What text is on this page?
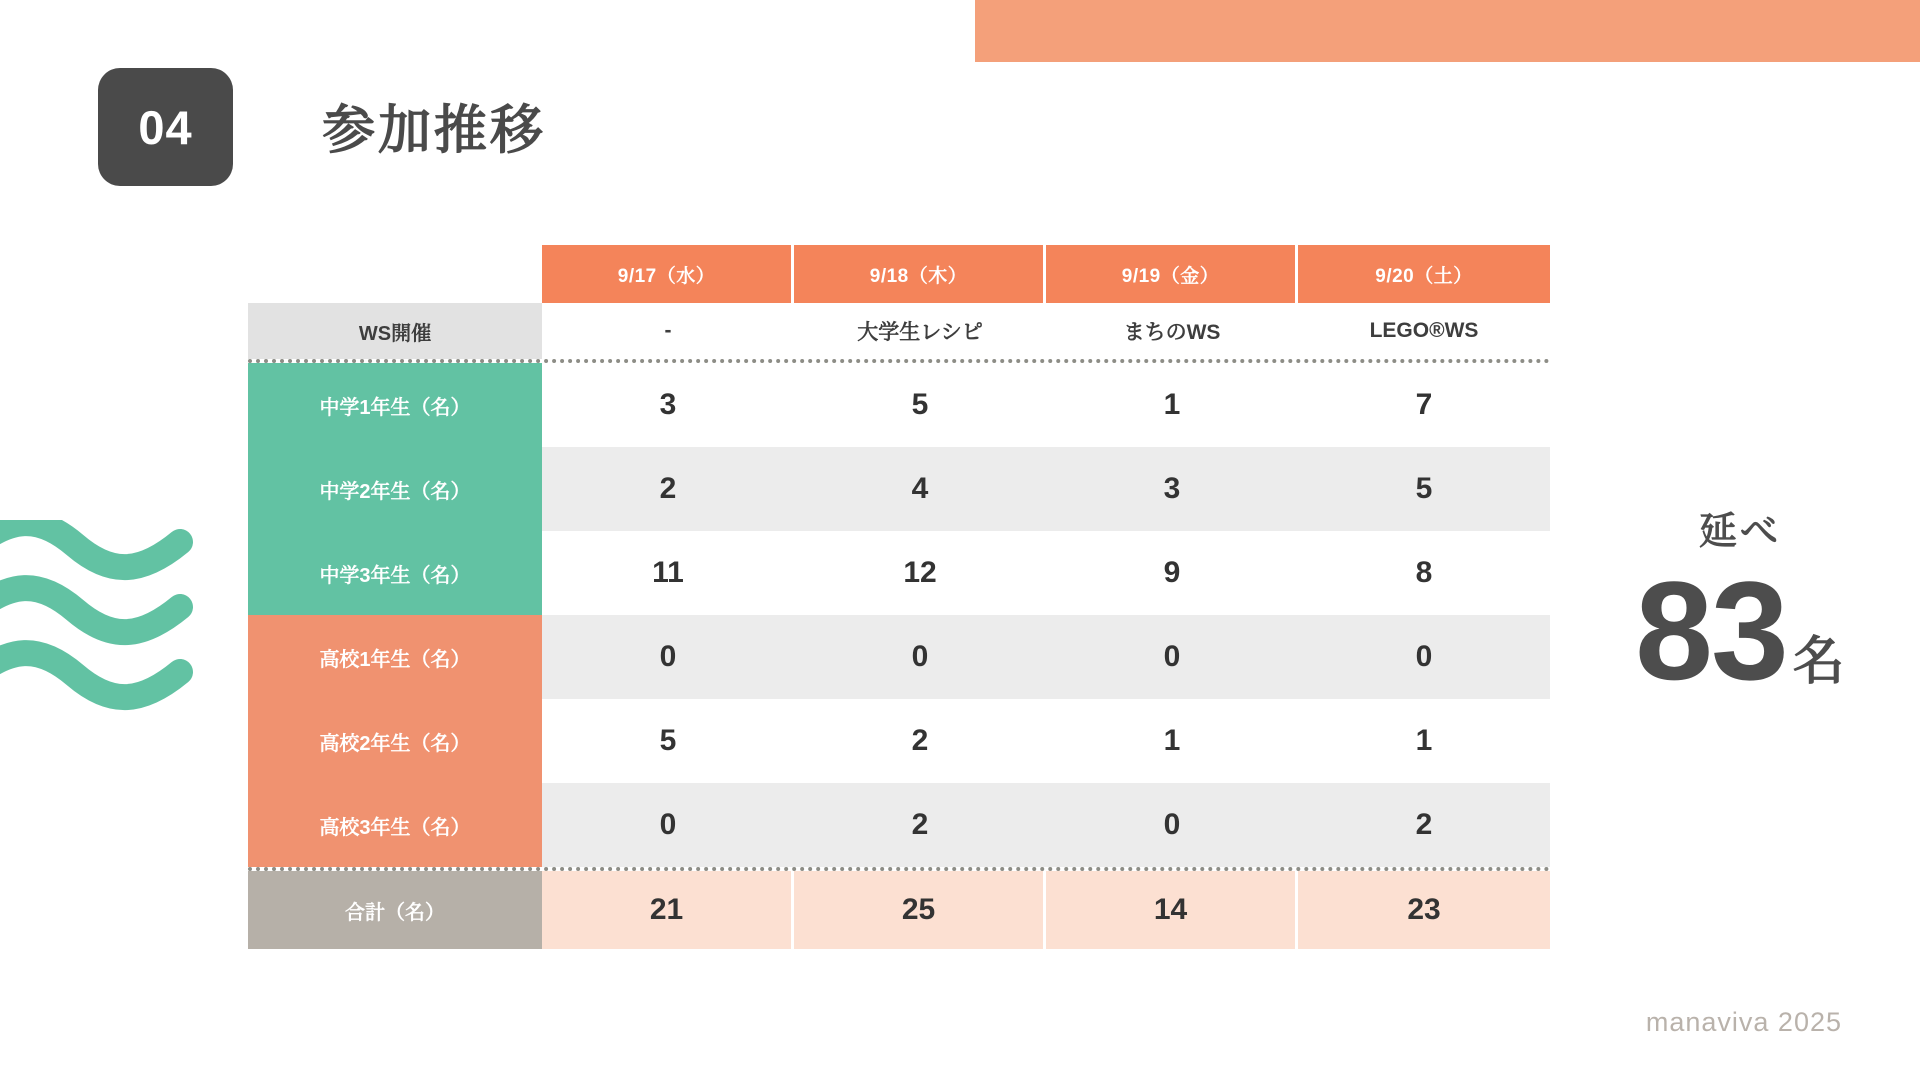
04 参加推移
	9/17（水）	9/18（木）	9/19（金）	9/20（土）
WS開催	-	大学生レシピ	まちのWS	LEGO®WS

中学1年生（名）	3	5	1	7
中学2年生（名）	2	4	3	5
中学3年生（名）	11	12	9	8
高校1年生（名）	0	0	0	0
高校2年生（名）	5	2	1	1
高校3年生（名）	0	2	0	2

合計（名）	21	25	14	23
延べ
83 名
manaviva 2025
